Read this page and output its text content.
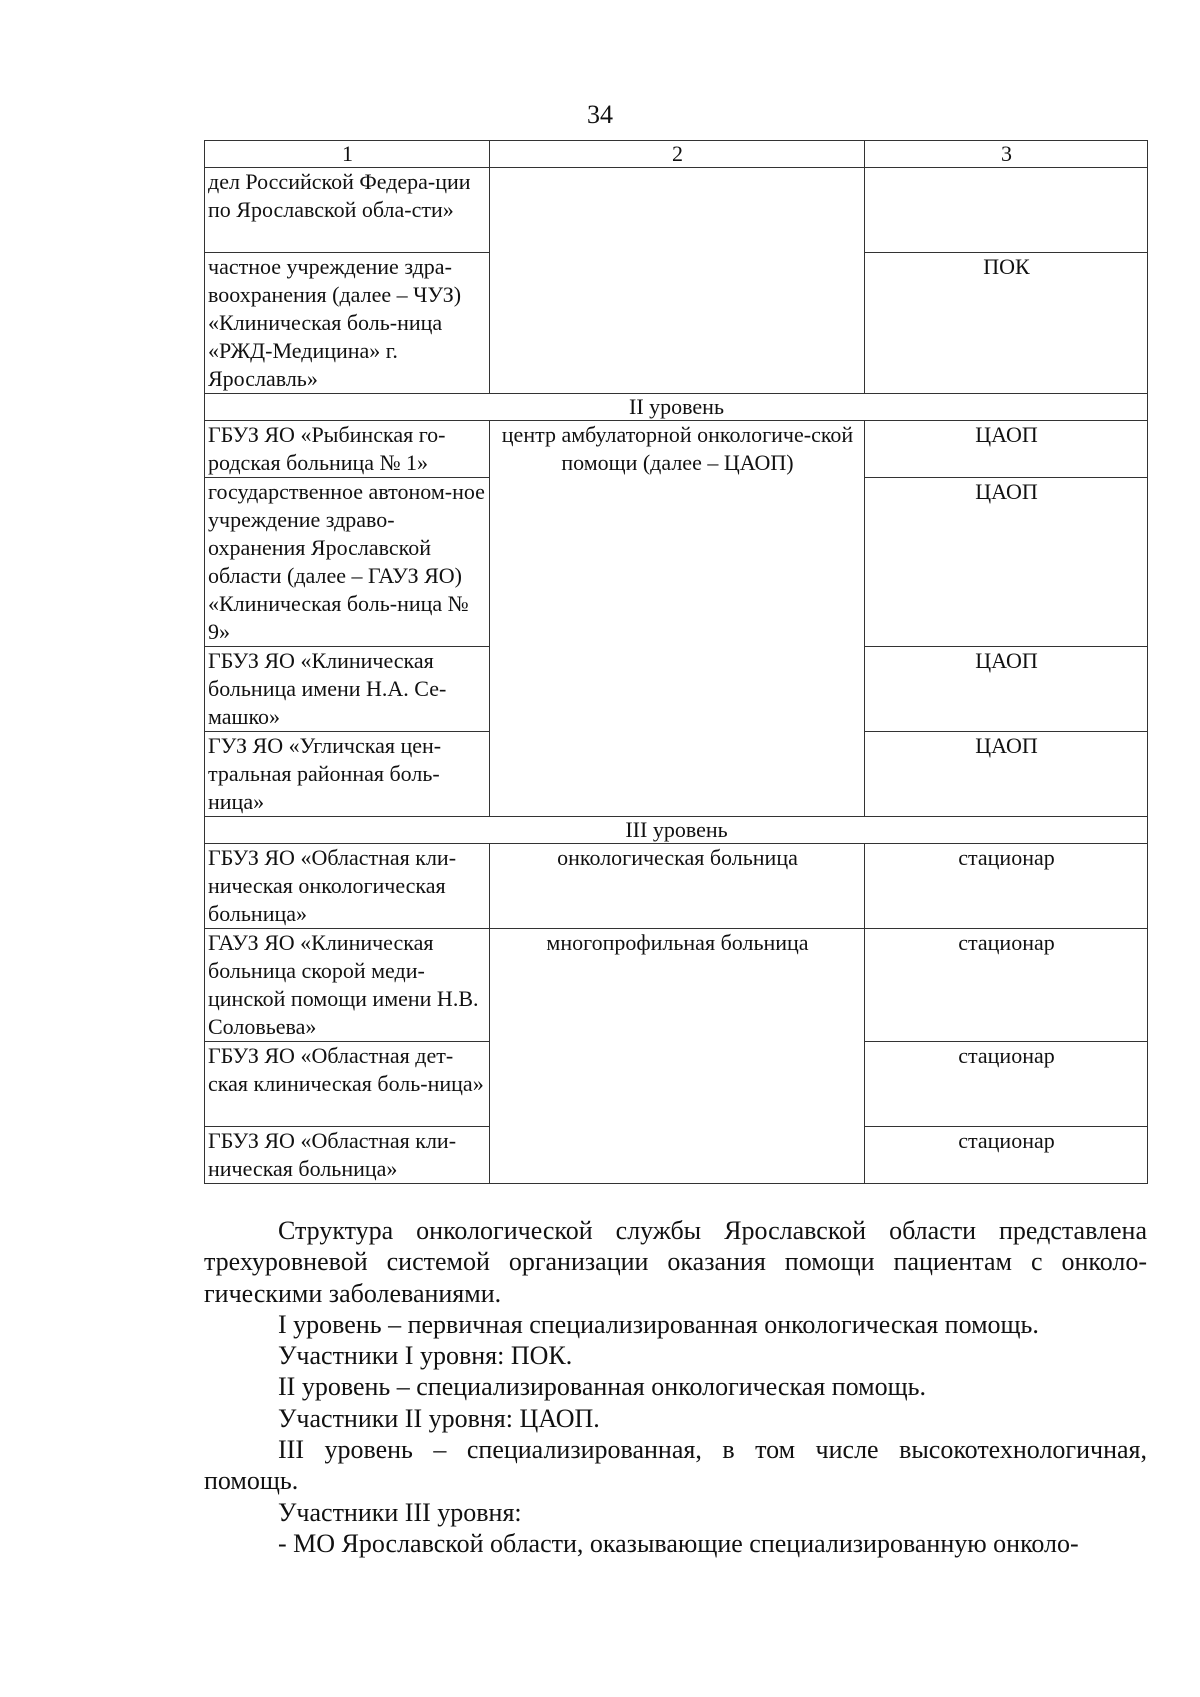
34
1	2	3
дел Российской Федера-ции по Ярославской обла-сти»		
частное учреждение здра-воохранения (далее – ЧУЗ) «Клиническая боль-ница «РЖД-Медицина» г. Ярославль»		ПОК
II уровень		
ГБУЗ ЯО «Рыбинская го-родская больница № 1»	центр амбулаторной онкологиче-ской помощи (далее – ЦАОП)	ЦАОП
государственное автоном-ное учреждение здраво-охранения Ярославской области (далее – ГАУЗ ЯО) «Клиническая боль-ница № 9»		ЦАОП
ГБУЗ ЯО «Клиническая больница имени Н.А. Се-машко»		ЦАОП
ГУЗ ЯО «Угличская цен-тральная районная боль-ница»		ЦАОП
III уровень		
ГБУЗ ЯО «Областная кли-ническая онкологическая больница»	онкологическая больница	стационар
ГАУЗ ЯО «Клиническая больница скорой меди-цинской помощи имени Н.В. Соловьева»	многопрофильная больница	стационар
ГБУЗ ЯО «Областная дет-ская клиническая боль-ница»		стационар
ГБУЗ ЯО «Областная кли-ническая больница»		стационар

Структура онкологической службы Ярославской области представлена трехуровневой системой организации оказания помощи пациентам с онколо-гическими заболеваниями.

I уровень – первичная специализированная онкологическая помощь.

Участники I уровня: ПОК.

II уровень – специализированная онкологическая помощь.

Участники II уровня: ЦАОП.

III уровень – специализированная, в том числе высокотехнологичная, помощь.

Участники III уровня:

- МО Ярославской области, оказывающие специализированную онколо-
